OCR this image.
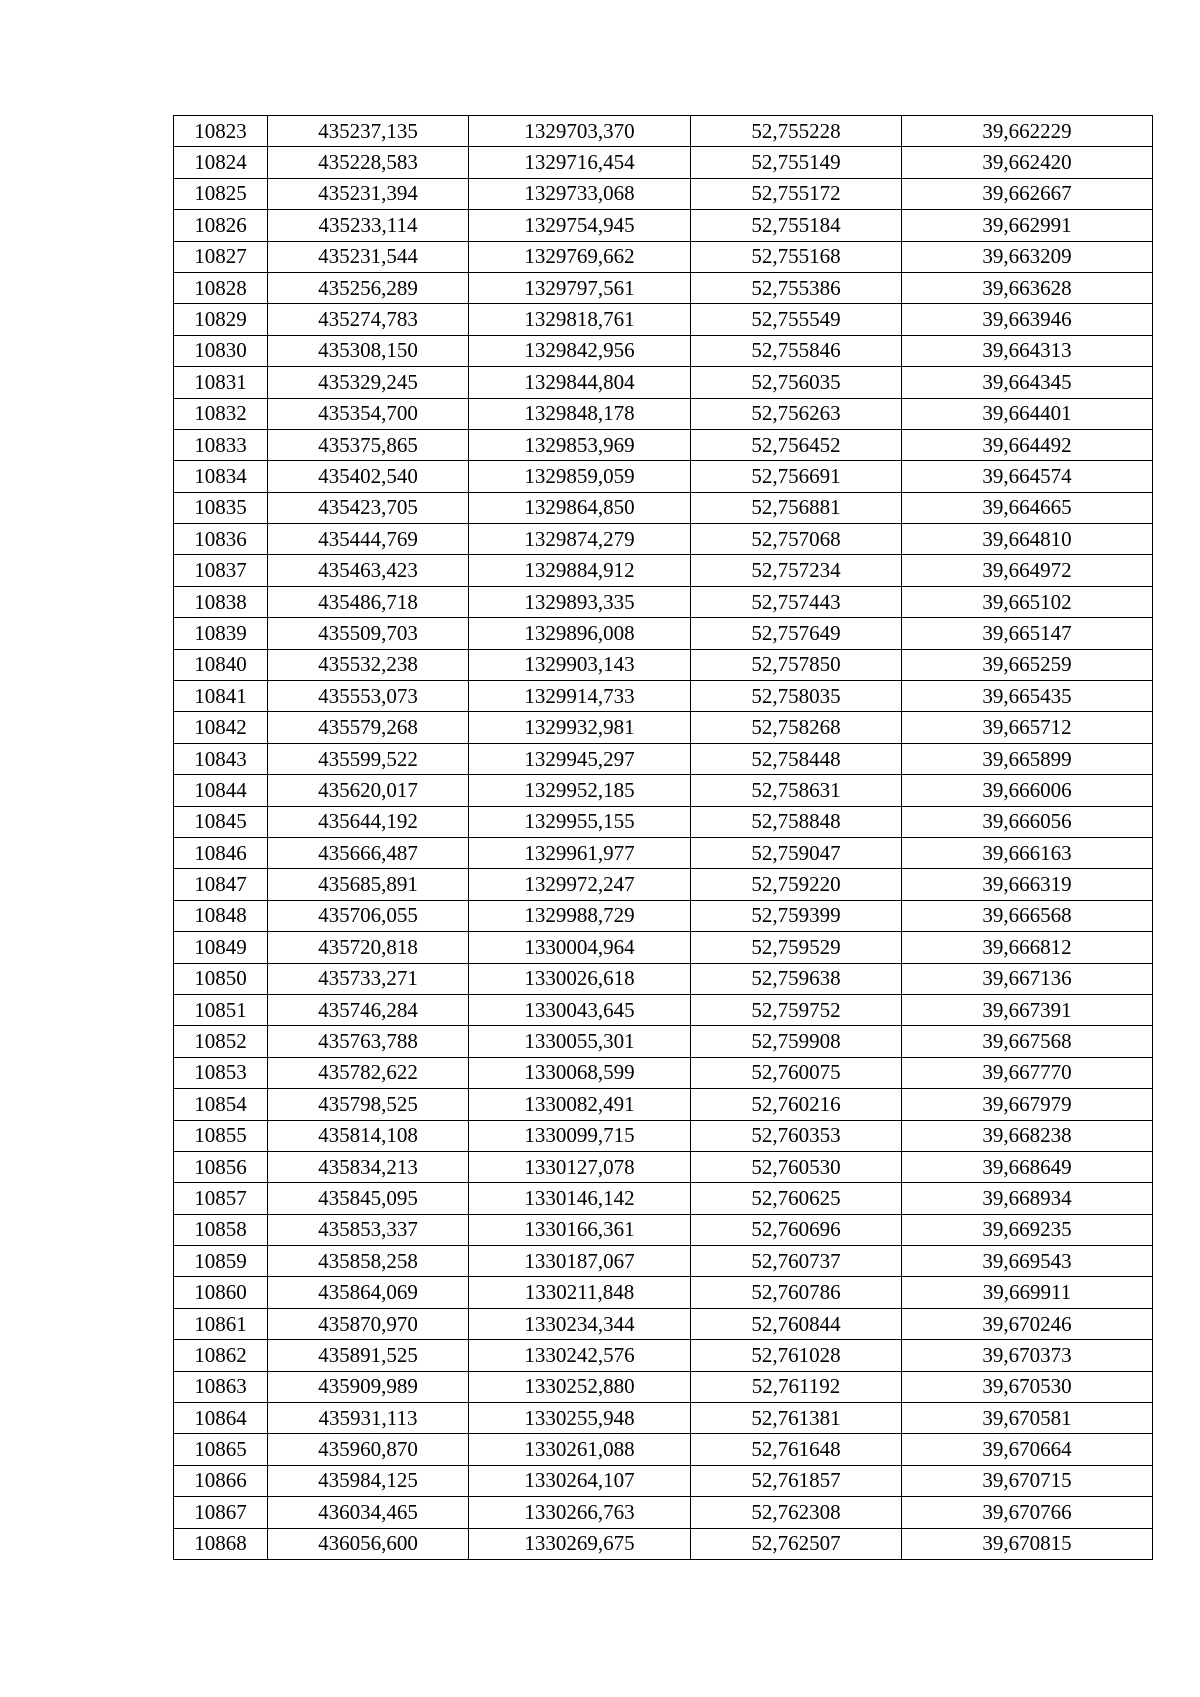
10823	435237,135	1329703,370	52,755228	39,662229
10824	435228,583	1329716,454	52,755149	39,662420
10825	435231,394	1329733,068	52,755172	39,662667
10826	435233,114	1329754,945	52,755184	39,662991
10827	435231,544	1329769,662	52,755168	39,663209
10828	435256,289	1329797,561	52,755386	39,663628
10829	435274,783	1329818,761	52,755549	39,663946
10830	435308,150	1329842,956	52,755846	39,664313
10831	435329,245	1329844,804	52,756035	39,664345
10832	435354,700	1329848,178	52,756263	39,664401
10833	435375,865	1329853,969	52,756452	39,664492
10834	435402,540	1329859,059	52,756691	39,664574
10835	435423,705	1329864,850	52,756881	39,664665
10836	435444,769	1329874,279	52,757068	39,664810
10837	435463,423	1329884,912	52,757234	39,664972
10838	435486,718	1329893,335	52,757443	39,665102
10839	435509,703	1329896,008	52,757649	39,665147
10840	435532,238	1329903,143	52,757850	39,665259
10841	435553,073	1329914,733	52,758035	39,665435
10842	435579,268	1329932,981	52,758268	39,665712
10843	435599,522	1329945,297	52,758448	39,665899
10844	435620,017	1329952,185	52,758631	39,666006
10845	435644,192	1329955,155	52,758848	39,666056
10846	435666,487	1329961,977	52,759047	39,666163
10847	435685,891	1329972,247	52,759220	39,666319
10848	435706,055	1329988,729	52,759399	39,666568
10849	435720,818	1330004,964	52,759529	39,666812
10850	435733,271	1330026,618	52,759638	39,667136
10851	435746,284	1330043,645	52,759752	39,667391
10852	435763,788	1330055,301	52,759908	39,667568
10853	435782,622	1330068,599	52,760075	39,667770
10854	435798,525	1330082,491	52,760216	39,667979
10855	435814,108	1330099,715	52,760353	39,668238
10856	435834,213	1330127,078	52,760530	39,668649
10857	435845,095	1330146,142	52,760625	39,668934
10858	435853,337	1330166,361	52,760696	39,669235
10859	435858,258	1330187,067	52,760737	39,669543
10860	435864,069	1330211,848	52,760786	39,669911
10861	435870,970	1330234,344	52,760844	39,670246
10862	435891,525	1330242,576	52,761028	39,670373
10863	435909,989	1330252,880	52,761192	39,670530
10864	435931,113	1330255,948	52,761381	39,670581
10865	435960,870	1330261,088	52,761648	39,670664
10866	435984,125	1330264,107	52,761857	39,670715
10867	436034,465	1330266,763	52,762308	39,670766
10868	436056,600	1330269,675	52,762507	39,670815
